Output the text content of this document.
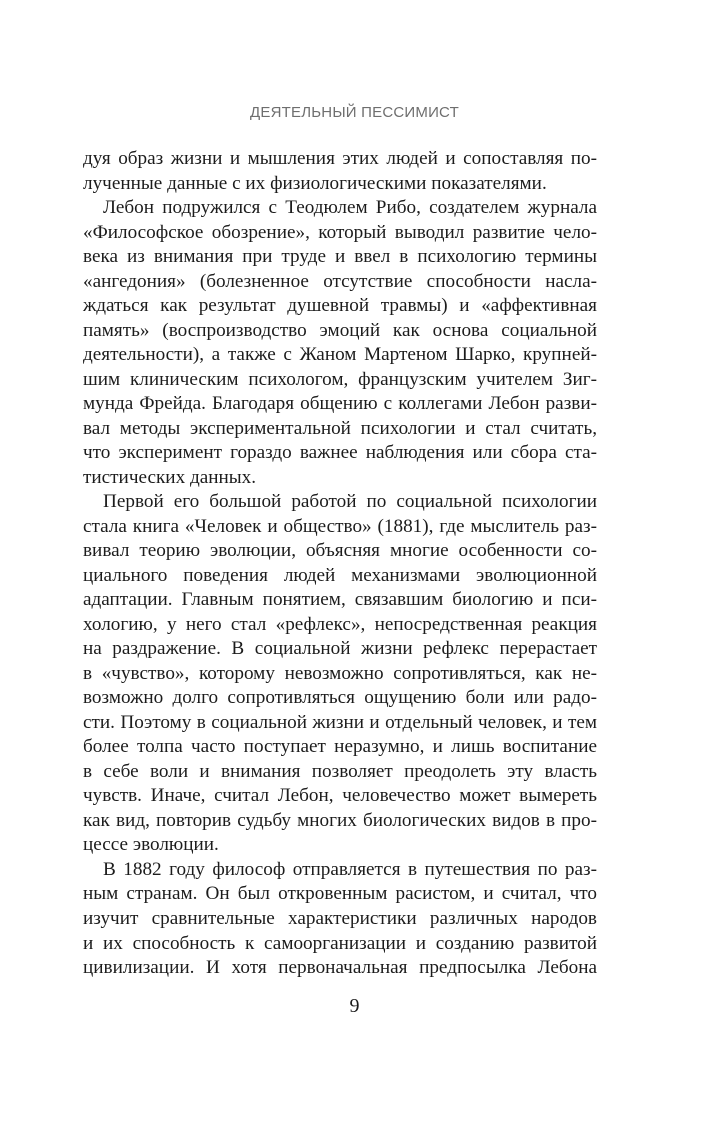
ДЕЯТЕЛЬНЫЙ ПЕССИМИСТ

дуя образ жизни и мышления этих людей и сопоставляя по-
лученные данные с их физиологическими показателями.

Лебон подружился с Теодюлем Рибо, создателем журнала
«Философское обозрение», который выводил развитие чело-
века из внимания при труде и ввел в психологию термины
«ангедония» (болезненное отсутствие способности наслa-
ждаться как результат душевной травмы) и «аффективная
память» (воспроизводство эмоций как основа социальной
деятельности), а также с Жаном Мартеном Шарко, крупней-
шим клиническим психологом, французским учителем Зиг-
мунда Фрейда. Благодаря общению с коллегами Лебон разви-
вал методы экспериментальной психологии и стал считать,
что эксперимент гораздо важнее наблюдения или сбора ста-
тистических данных.

Первой его большой работой по социальной психологии
стала книга «Человек и общество» (1881), где мыслитель раз-
вивал теорию эволюции, объясняя многие особенности со-
циального поведения людей механизмами эволюционной
адаптации. Главным понятием, связавшим биологию и пси-
хологию, у него стал «рефлекс», непосредственная реакция
на раздражение. В социальной жизни рефлекс перерастает
в «чувство», которому невозможно сопротивляться, как не-
возможно долго сопротивляться ощущению боли или радо-
сти. Поэтому в социальной жизни и отдельный человек, и тем
более толпа часто поступает неразумно, и лишь воспитание
в себе воли и внимания позволяет преодолеть эту власть
чувств. Иначе, считал Лебон, человечество может вымереть
как вид, повторив судьбу многих биологических видов в про-
цессе эволюции.

В 1882 году философ отправляется в путешествия по раз-
ным странам. Он был откровенным расистом, и считал, что
изучит сравнительные характеристики различных народов
и их способность к самоорганизации и созданию развитой
цивилизации. И хотя первоначальная предпосылка Лебона

9
